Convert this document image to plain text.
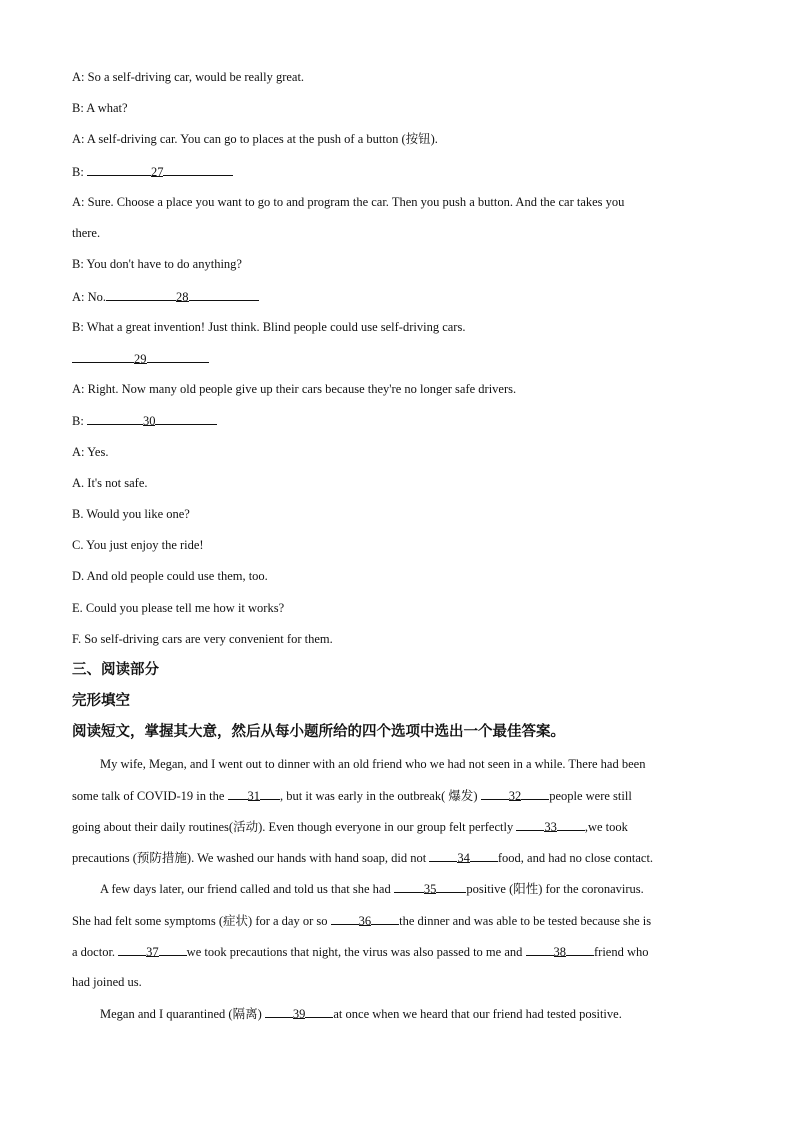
A: So a self-driving car, would be really great.
B: A what?
A: A self-driving car. You can go to places at the push of a button (按钮).
B:	27
A: Sure. Choose a place you want to go to and program the car. Then you push a button. And the car takes you
there.
B: You don't have to do anything?
A: No.	28
B: What a great invention! Just think. Blind people could use self-driving cars.
29
A: Right. Now many old people give up their cars because they're no longer safe drivers.
B:	30
A: Yes.
A. It's not safe.
B. Would you like one?
C. You just enjoy the ride!
D. And old people could use them, too.
E. Could you please tell me how it works?
F. So self-driving cars are very convenient for them.
三、阅读部分
完形填空
阅读短文，掌握其大意，然后从每小题所给的四个选项中选出一个最佳答案。
My wife, Megan, and I went out to dinner with an old friend who we had not seen in a while. There had been
some talk of COVID-19 in the 31 , but it was early in the outbreak( 爆发) 32 people were still
going about their daily routines(活动). Even though everyone in our group felt perfectly 33 ,we took
precautions (预防措施). We washed our hands with hand soap, did not 34 food, and had no close contact.
A few days later, our friend called and told us that she had 35 positive (阳性) for the coronavirus.
She had felt some symptoms (症状) for a day or so 36 the dinner and was able to be tested because she is
a doctor. 37 we took precautions that night, the virus was also passed to me and 38 friend who
had joined us.
Megan and I quarantined (隔离) 39 at once when we heard that our friend had tested positive.
